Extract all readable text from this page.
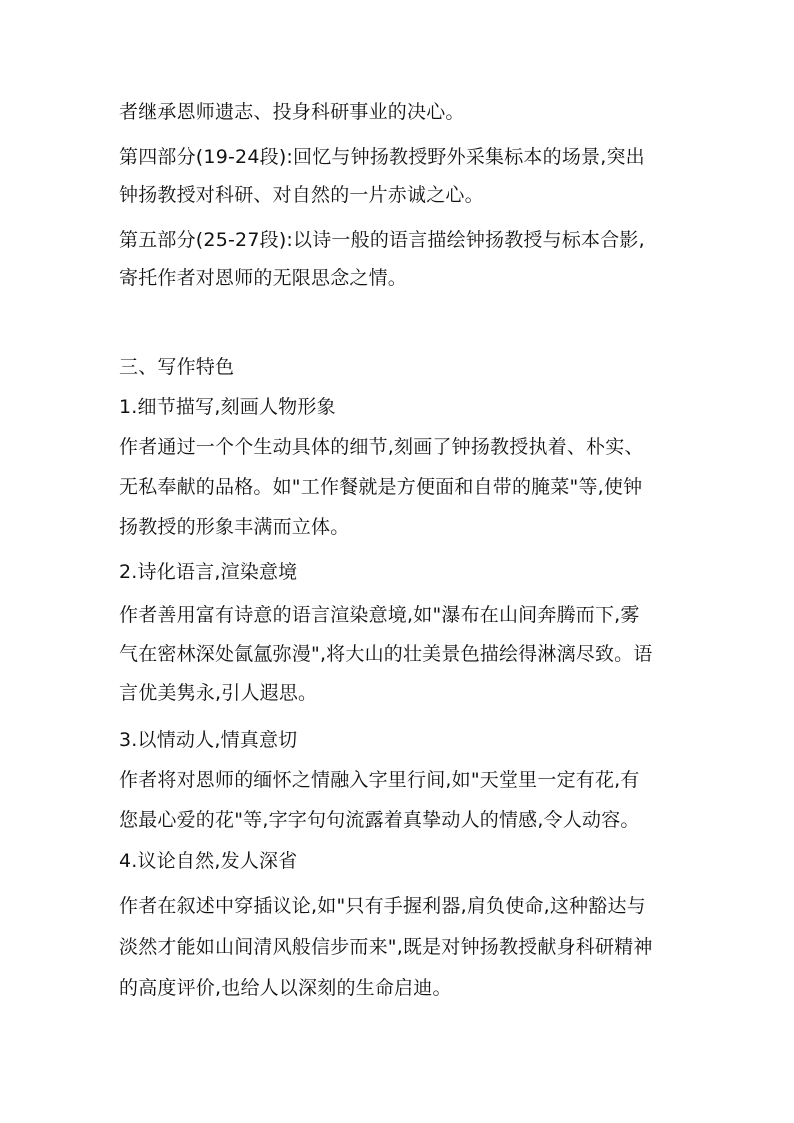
者继承恩师遗志、投身科研事业的决心。
第四部分(19-24段):回忆与钟扬教授野外采集标本的场景,突出
钟扬教授对科研、对自然的一片赤诚之心。
第五部分(25-27段):以诗一般的语言描绘钟扬教授与标本合影,
寄托作者对恩师的无限思念之情。
三、写作特色
1.细节描写,刻画人物形象
作者通过一个个生动具体的细节,刻画了钟扬教授执着、朴实、
无私奉献的品格。如"工作餐就是方便面和自带的腌菜"等,使钟
扬教授的形象丰满而立体。
2.诗化语言,渲染意境
作者善用富有诗意的语言渲染意境,如"瀑布在山间奔腾而下,雾
气在密林深处氤氲弥漫",将大山的壮美景色描绘得淋漓尽致。语
言优美隽永,引人遐思。
3.以情动人,情真意切
作者将对恩师的缅怀之情融入字里行间,如"天堂里一定有花,有
您最心爱的花"等,字字句句流露着真挚动人的情感,令人动容。
4.议论自然,发人深省
作者在叙述中穿插议论,如"只有手握利器,肩负使命,这种豁达与
淡然才能如山间清风般信步而来",既是对钟扬教授献身科研精神
的高度评价,也给人以深刻的生命启迪。
